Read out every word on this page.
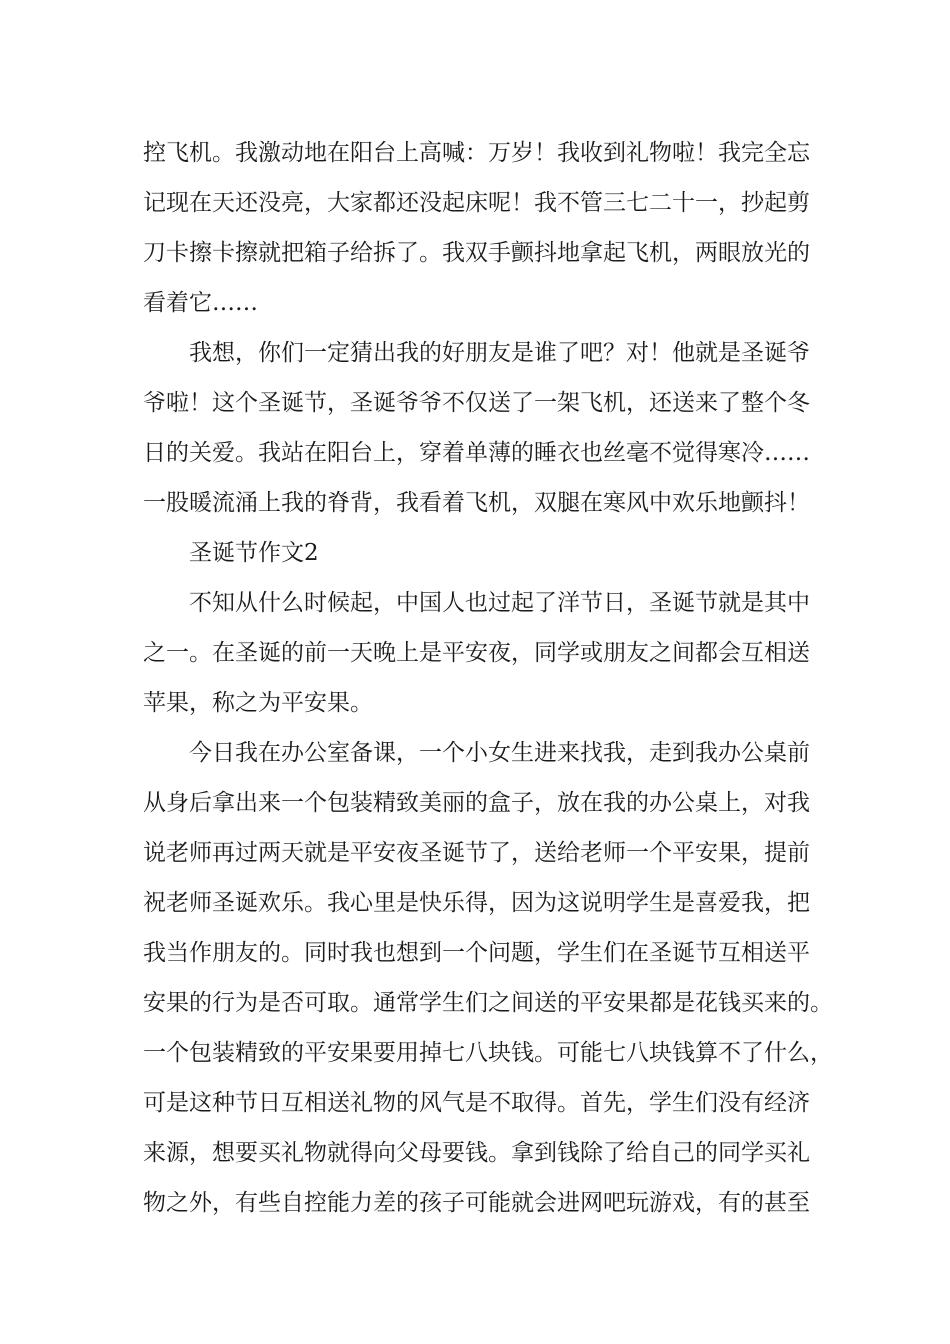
控飞机。我激动地在阳台上高喊：万岁！我收到礼物啦！我完全忘
记现在天还没亮，大家都还没起床呢！我不管三七二十一，抄起剪
刀卡擦卡擦就把箱子给拆了。我双手颤抖地拿起飞机，两眼放光的
看着它……
我想，你们一定猜出我的好朋友是谁了吧？对！他就是圣诞爷
爷啦！这个圣诞节，圣诞爷爷不仅送了一架飞机，还送来了整个冬
日的关爱。我站在阳台上，穿着单薄的睡衣也丝毫不觉得寒冷……
一股暖流涌上我的脊背，我看着飞机，双腿在寒风中欢乐地颤抖！
圣诞节作文2
不知从什么时候起，中国人也过起了洋节日，圣诞节就是其中
之一。在圣诞的前一天晚上是平安夜，同学或朋友之间都会互相送
苹果，称之为平安果。
今日我在办公室备课，一个小女生进来找我，走到我办公桌前
从身后拿出来一个包装精致美丽的盒子，放在我的办公桌上，对我
说老师再过两天就是平安夜圣诞节了，送给老师一个平安果，提前
祝老师圣诞欢乐。我心里是快乐得，因为这说明学生是喜爱我，把
我当作朋友的。同时我也想到一个问题，学生们在圣诞节互相送平
安果的行为是否可取。通常学生们之间送的平安果都是花钱买来的。
一个包装精致的平安果要用掉七八块钱。可能七八块钱算不了什么，
可是这种节日互相送礼物的风气是不取得。首先，学生们没有经济
来源，想要买礼物就得向父母要钱。拿到钱除了给自己的同学买礼
物之外，有些自控能力差的孩子可能就会进网吧玩游戏，有的甚至
